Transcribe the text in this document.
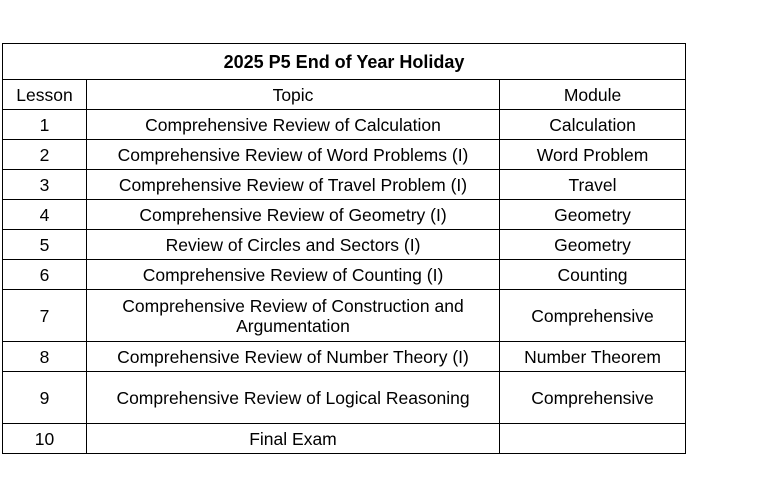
2025 P5 End of Year Holiday		
Lesson	Topic	Module
1	Comprehensive Review of Calculation	Calculation
2	Comprehensive Review of Word Problems (I)	Word Problem
3	Comprehensive Review of Travel Problem (I)	Travel
4	Comprehensive Review of Geometry (I)	Geometry
5	Review of Circles and Sectors (I)	Geometry
6	Comprehensive Review of Counting (I)	Counting
7	Comprehensive Review of Construction and Argumentation	Comprehensive
8	Comprehensive Review of Number Theory (I)	Number Theorem
9	Comprehensive Review of Logical Reasoning	Comprehensive
10	Final Exam	
